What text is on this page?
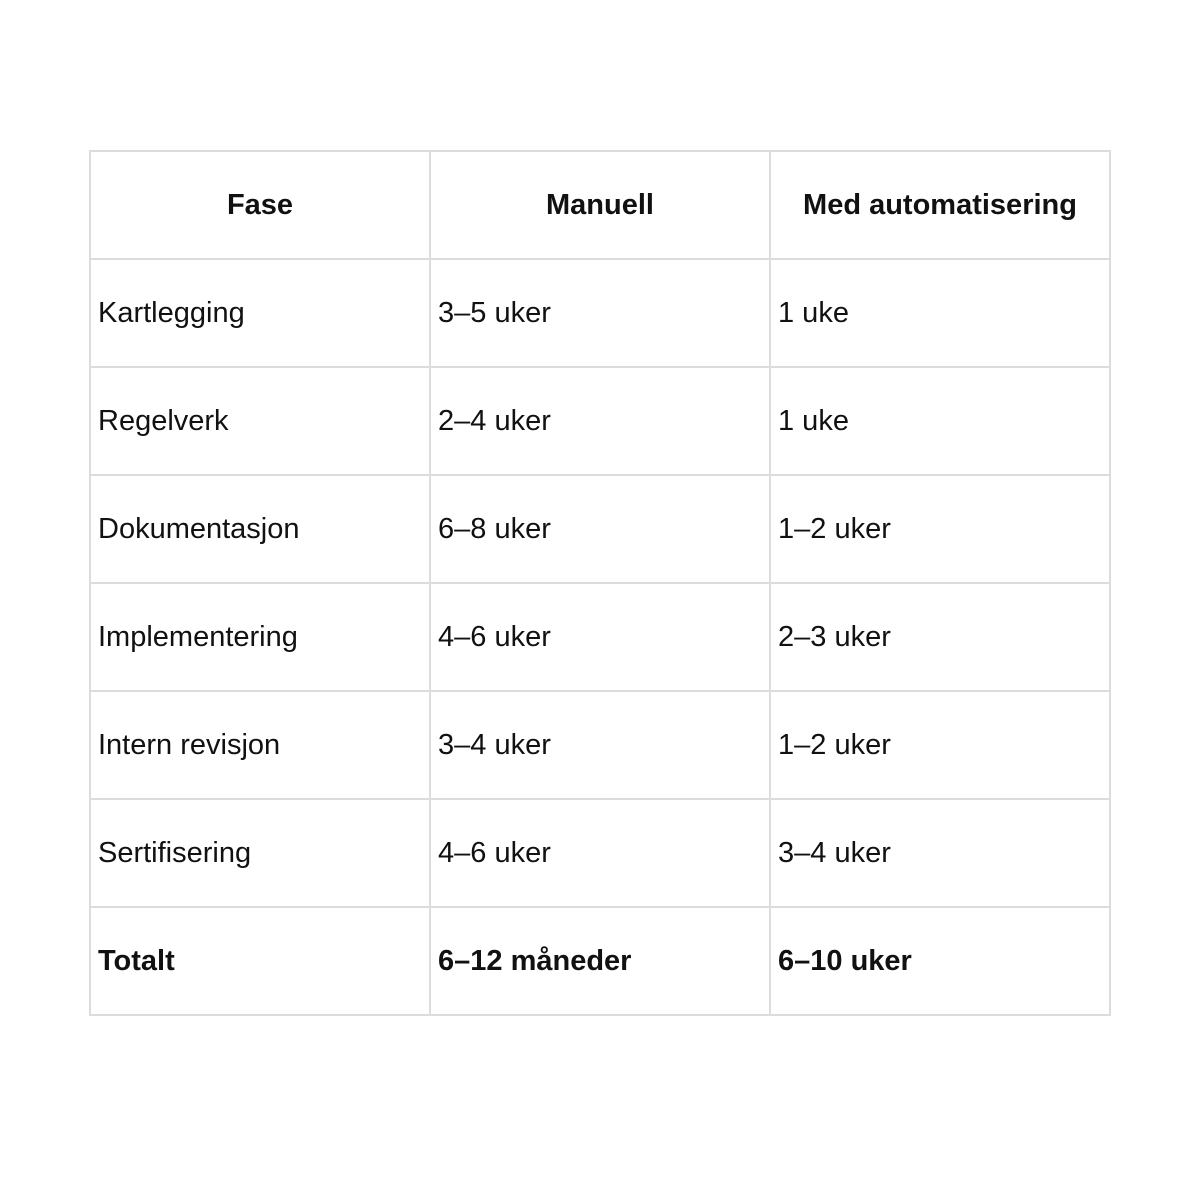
Fase	Manuell	Med automatisering
Kartlegging	3–5 uker	1 uke
Regelverk	2–4 uker	1 uke
Dokumentasjon	6–8 uker	1–2 uker
Implementering	4–6 uker	2–3 uker
Intern revisjon	3–4 uker	1–2 uker
Sertifisering	4–6 uker	3–4 uker
Totalt	6–12 måneder	6–10 uker
